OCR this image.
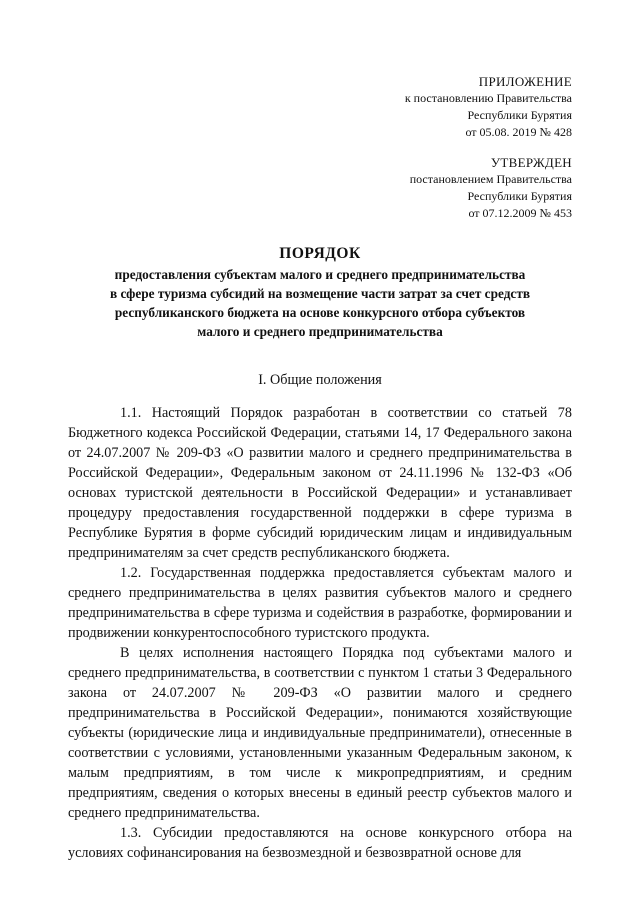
ПРИЛОЖЕНИЕ
к постановлению Правительства
Республики Бурятия
от 05.08. 2019 № 428
УТВЕРЖДЕН
постановлением Правительства
Республики Бурятия
от 07.12.2009 № 453
ПОРЯДОК
предоставления субъектам малого и среднего предпринимательства
в сфере туризма субсидий на возмещение части затрат за счет средств
республиканского бюджета на основе конкурсного отбора субъектов
малого и среднего предпринимательства
I. Общие положения

1.1. Настоящий Порядок разработан в соответствии со статьей 78 Бюджетного кодекса Российской Федерации, статьями 14, 17 Федерального закона от 24.07.2007 № 209-ФЗ «О развитии малого и среднего предпринимательства в Российской Федерации», Федеральным законом от 24.11.1996 № 132-ФЗ «Об основах туристской деятельности в Российской Федерации» и устанавливает процедуру предоставления государственной поддержки в сфере туризма в Республике Бурятия в форме субсидий юридическим лицам и индивидуальным предпринимателям за счет средств республиканского бюджета.

1.2. Государственная поддержка предоставляется субъектам малого и среднего предпринимательства в целях развития субъектов малого и среднего предпринимательства в сфере туризма и содействия в разработке, формировании и продвижении конкурентоспособного туристского продукта.

В целях исполнения настоящего Порядка под субъектами малого и среднего предпринимательства, в соответствии с пунктом 1 статьи 3 Федерального закона от 24.07.2007 № 209-ФЗ «О развитии малого и среднего предпринимательства в Российской Федерации», понимаются хозяйствующие субъекты (юридические лица и индивидуальные предприниматели), отнесенные в соответствии с условиями, установленными указанным Федеральным законом, к малым предприятиям, в том числе к микропредприятиям, и средним предприятиям, сведения о которых внесены в единый реестр субъектов малого и среднего предпринимательства.

1.3. Субсидии предоставляются на основе конкурсного отбора на условиях софинансирования на безвозмездной и безвозвратной основе для
